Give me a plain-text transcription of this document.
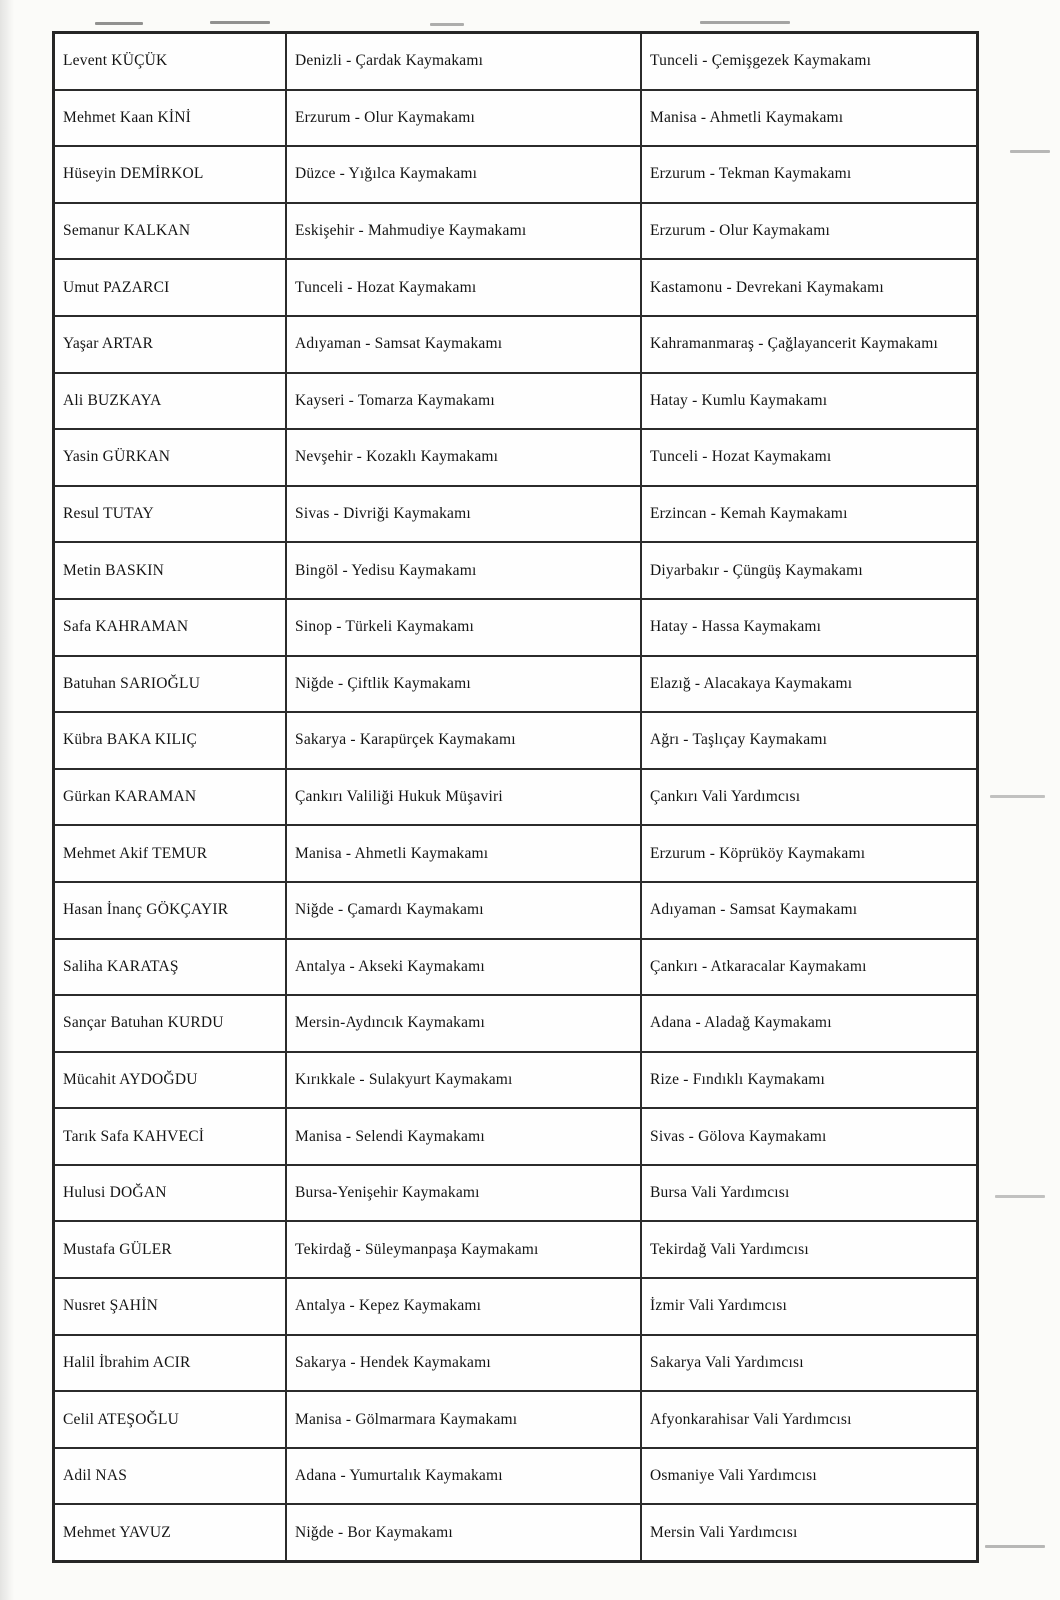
Levent KÜÇÜK	Denizli - Çardak Kaymakamı	Tunceli - Çemişgezek Kaymakamı
Mehmet Kaan KİNİ	Erzurum - Olur Kaymakamı	Manisa - Ahmetli Kaymakamı
Hüseyin DEMİRKOL	Düzce - Yığılca Kaymakamı	Erzurum - Tekman Kaymakamı
Semanur KALKAN	Eskişehir - Mahmudiye Kaymakamı	Erzurum - Olur Kaymakamı
Umut PAZARCI	Tunceli - Hozat Kaymakamı	Kastamonu - Devrekani Kaymakamı
Yaşar ARTAR	Adıyaman - Samsat Kaymakamı	Kahramanmaraş - Çağlayancerit Kaymakamı
Ali BUZKAYA	Kayseri - Tomarza Kaymakamı	Hatay - Kumlu Kaymakamı
Yasin GÜRKAN	Nevşehir - Kozaklı Kaymakamı	Tunceli - Hozat Kaymakamı
Resul TUTAY	Sivas - Divriği Kaymakamı	Erzincan - Kemah Kaymakamı
Metin BASKIN	Bingöl - Yedisu Kaymakamı	Diyarbakır - Çüngüş Kaymakamı
Safa KAHRAMAN	Sinop - Türkeli Kaymakamı	Hatay - Hassa Kaymakamı
Batuhan SARIOĞLU	Niğde - Çiftlik Kaymakamı	Elazığ - Alacakaya Kaymakamı
Kübra BAKA KILIÇ	Sakarya - Karapürçek Kaymakamı	Ağrı - Taşlıçay Kaymakamı
Gürkan KARAMAN	Çankırı Valiliği Hukuk Müşaviri	Çankırı Vali Yardımcısı
Mehmet Akif TEMUR	Manisa - Ahmetli Kaymakamı	Erzurum - Köprüköy Kaymakamı
Hasan İnanç GÖKÇAYIR	Niğde - Çamardı Kaymakamı	Adıyaman - Samsat Kaymakamı
Saliha KARATAŞ	Antalya - Akseki Kaymakamı	Çankırı - Atkaracalar Kaymakamı
Sançar Batuhan KURDU	Mersin-Aydıncık Kaymakamı	Adana - Aladağ Kaymakamı
Mücahit AYDOĞDU	Kırıkkale - Sulakyurt Kaymakamı	Rize - Fındıklı Kaymakamı
Tarık Safa KAHVECİ	Manisa - Selendi Kaymakamı	Sivas - Gölova Kaymakamı
Hulusi DOĞAN	Bursa-Yenişehir Kaymakamı	Bursa Vali Yardımcısı
Mustafa GÜLER	Tekirdağ - Süleymanpaşa Kaymakamı	Tekirdağ Vali Yardımcısı
Nusret ŞAHİN	Antalya - Kepez Kaymakamı	İzmir Vali Yardımcısı
Halil İbrahim ACIR	Sakarya - Hendek Kaymakamı	Sakarya Vali Yardımcısı
Celil ATEŞOĞLU	Manisa - Gölmarmara Kaymakamı	Afyonkarahisar Vali Yardımcısı
Adil NAS	Adana - Yumurtalık Kaymakamı	Osmaniye Vali Yardımcısı
Mehmet YAVUZ	Niğde - Bor Kaymakamı	Mersin Vali Yardımcısı
